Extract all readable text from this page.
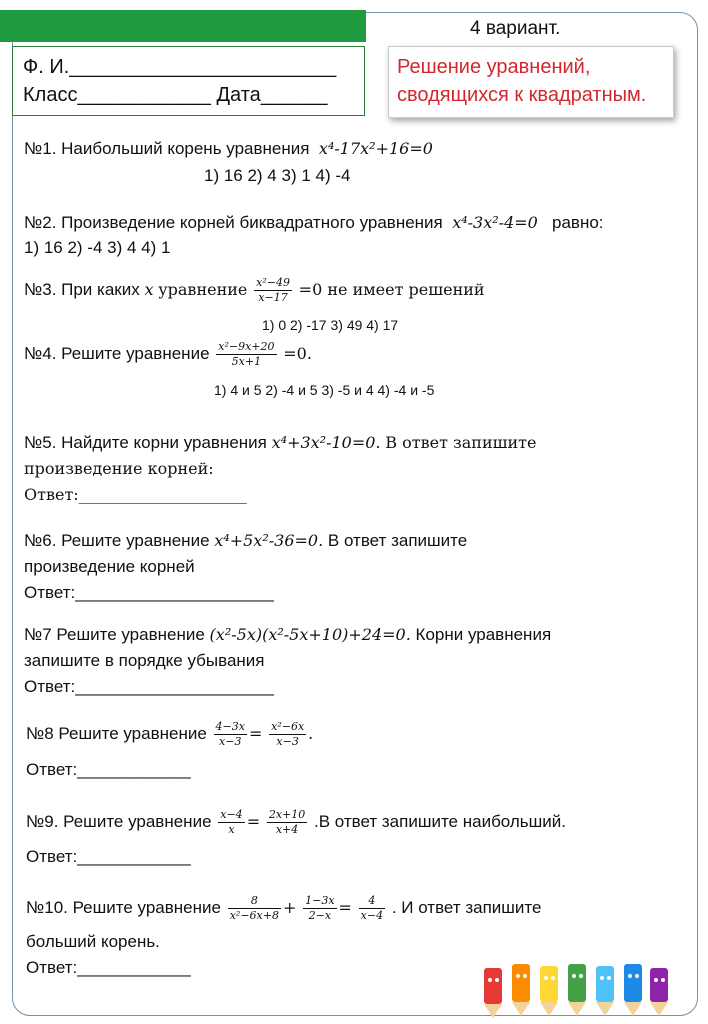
4 вариант.
Ф. И.________________________
Класс____________ Дата______
Решение уравнений,
сводящихся к квадратным.
№1. Наибольший корень уравнения x⁴-17x²+16=0
1) 16 2) 4 3) 1 4) -4
№2. Произведение корней биквадратного уравнения x⁴-3x²-4=0 равно:
1) 16 2) -4 3) 4 4) 1
№3. При каких x уравнение $\frac{\text{x²−49}}{x-17} =0$ не имеет решений
1) 0 2) -17 3) 49 4) 17
№4. Решите уравнение $\frac{\text{x²−9x+20}}{5x+1} =0$.
1) 4 и 5 2) -4 и 5 3) -5 и 4 4) -4 и -5
№5. Найдите корни уравнения x⁴+3x²-10=0. В ответ запишите
произведение корней:
Ответ:_____________________
№6. Решите уравнение x⁴+5x²-36=0. В ответ запишите
произведение корней
Ответ:_____________________
№7 Решите уравнение (x²-5x)(x²-5x+10)+24=0. Корни уравнения
запишите в порядке убывания
Ответ:_____________________
№8 Решите уравнение $\frac{4-3x}{x-3} = \frac{\text{x²−6x}}{x-3}$ .
Ответ:____________
№9. Решите уравнение $\frac{x-4}{x} = \frac{2x+10}{x+4} .В$ ответ запишите наибольший.
Ответ:____________
№10. Решите уравнение $\frac{8}{\text{x²−6x+8}} + \frac{1-3x}{2-x} = \frac{4}{x-4}$ . И ответ запишите
больший корень.
Ответ:____________
